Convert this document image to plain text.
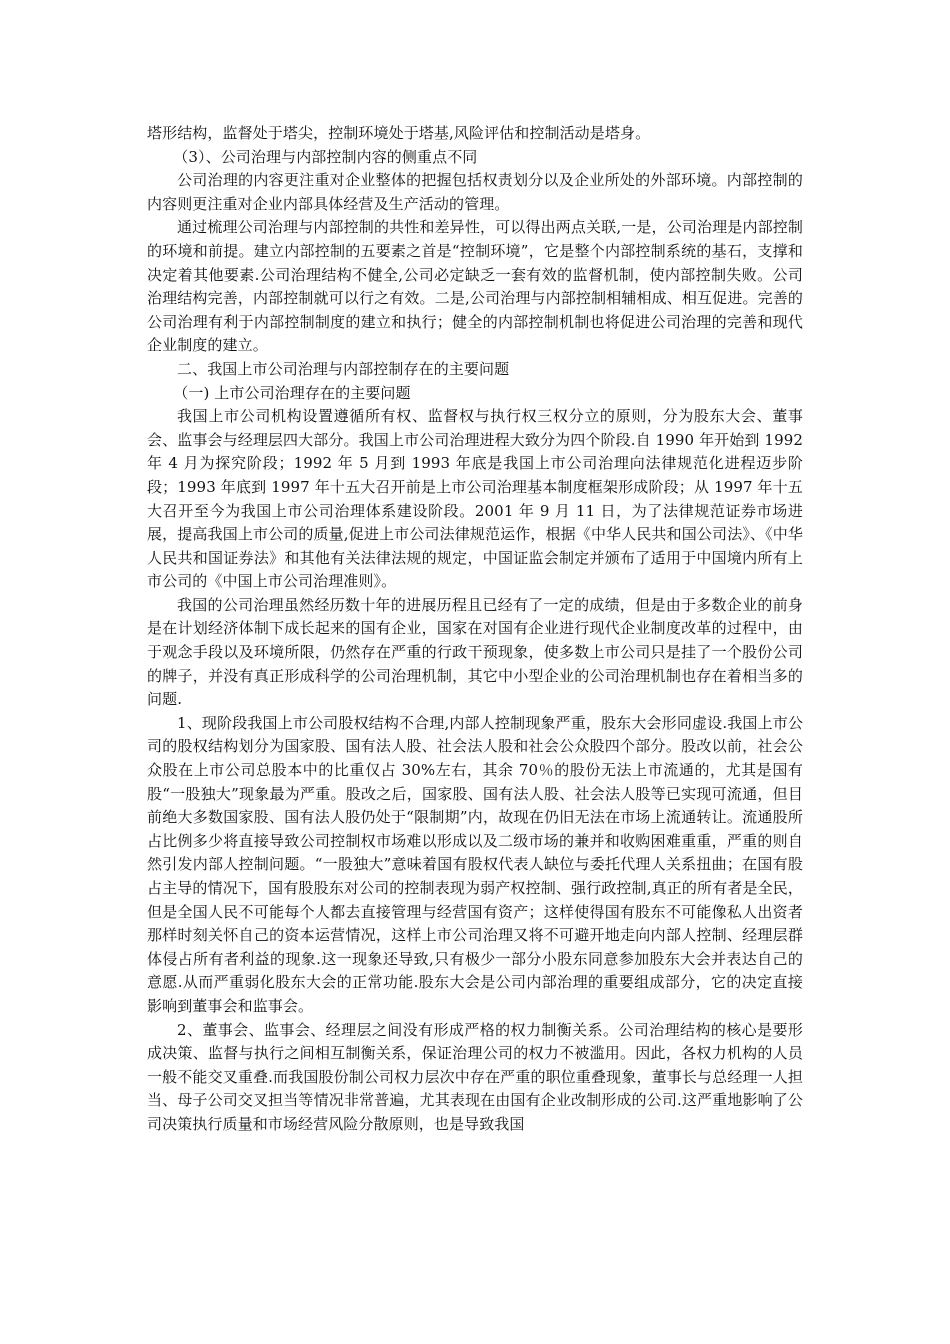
塔形结构，监督处于塔尖，控制环境处于塔基,风险评估和控制活动是塔身。

（3）、公司治理与内部控制内容的侧重点不同

公司治理的内容更注重对企业整体的把握包括权责划分以及企业所处的外部环境。内部控制的内容则更注重对企业内部具体经营及生产活动的管理。

通过梳理公司治理与内部控制的共性和差异性，可以得出两点关联,一是，公司治理是内部控制的环境和前提。建立内部控制的五要素之首是“控制环境”，它是整个内部控制系统的基石，支撑和决定着其他要素.公司治理结构不健全,公司必定缺乏一套有效的监督机制，使内部控制失败。公司治理结构完善，内部控制就可以行之有效。二是,公司治理与内部控制相辅相成、相互促进。完善的公司治理有利于内部控制制度的建立和执行；健全的内部控制机制也将促进公司治理的完善和现代企业制度的建立。

二、我国上市公司治理与内部控制存在的主要问题

（一) 上市公司治理存在的主要问题

我国上市公司机构设置遵循所有权、监督权与执行权三权分立的原则，分为股东大会、董事会、监事会与经理层四大部分。我国上市公司治理进程大致分为四个阶段.自 1990 年开始到 1992 年 4 月为探究阶段；1992 年 5 月到 1993 年底是我国上市公司治理向法律规范化进程迈步阶段；1993 年底到 1997 年十五大召开前是上市公司治理基本制度框架形成阶段；从 1997 年十五大召开至今为我国上市公司治理体系建设阶段。2001 年 9 月 11 日，为了法律规范证券市场进展，提高我国上市公司的质量,促进上市公司法律规范运作，根据《中华人民共和国公司法》、《中华人民共和国证券法》和其他有关法律法规的规定，中国证监会制定并颁布了适用于中国境内所有上市公司的《中国上市公司治理准则》。

我国的公司治理虽然经历数十年的进展历程且已经有了一定的成绩，但是由于多数企业的前身是在计划经济体制下成长起来的国有企业，国家在对国有企业进行现代企业制度改革的过程中，由于观念手段以及环境所限，仍然存在严重的行政干预现象，使多数上市公司只是挂了一个股份公司的牌子，并没有真正形成科学的公司治理机制，其它中小型企业的公司治理机制也存在着相当多的问题.

1、现阶段我国上市公司股权结构不合理,内部人控制现象严重，股东大会形同虚设.我国上市公司的股权结构划分为国家股、国有法人股、社会法人股和社会公众股四个部分。股改以前，社会公众股在上市公司总股本中的比重仅占 30%左右，其余 70％的股份无法上市流通的，尤其是国有股“一股独大”现象最为严重。股改之后，国家股、国有法人股、社会法人股等已实现可流通，但目前绝大多数国家股、国有法人股仍处于“限制期”内，故现在仍旧无法在市场上流通转让。流通股所占比例多少将直接导致公司控制权市场难以形成以及二级市场的兼并和收购困难重重，严重的则自然引发内部人控制问题。“一股独大”意味着国有股权代表人缺位与委托代理人关系扭曲；在国有股占主导的情况下，国有股股东对公司的控制表现为弱产权控制、强行政控制,真正的所有者是全民，但是全国人民不可能每个人都去直接管理与经营国有资产；这样使得国有股东不可能像私人出资者那样时刻关怀自己的资本运营情况，这样上市公司治理又将不可避开地走向内部人控制、经理层群体侵占所有者利益的现象.这一现象还导致,只有极少一部分小股东同意参加股东大会并表达自己的意愿.从而严重弱化股东大会的正常功能.股东大会是公司内部治理的重要组成部分，它的决定直接影响到董事会和监事会。

2、董事会、监事会、经理层之间没有形成严格的权力制衡关系。公司治理结构的核心是要形成决策、监督与执行之间相互制衡关系，保证治理公司的权力不被滥用。因此，各权力机构的人员一般不能交叉重叠.而我国股份制公司权力层次中存在严重的职位重叠现象，董事长与总经理一人担当、母子公司交叉担当等情况非常普遍，尤其表现在由国有企业改制形成的公司.这严重地影响了公司决策执行质量和市场经营风险分散原则，也是导致我国
